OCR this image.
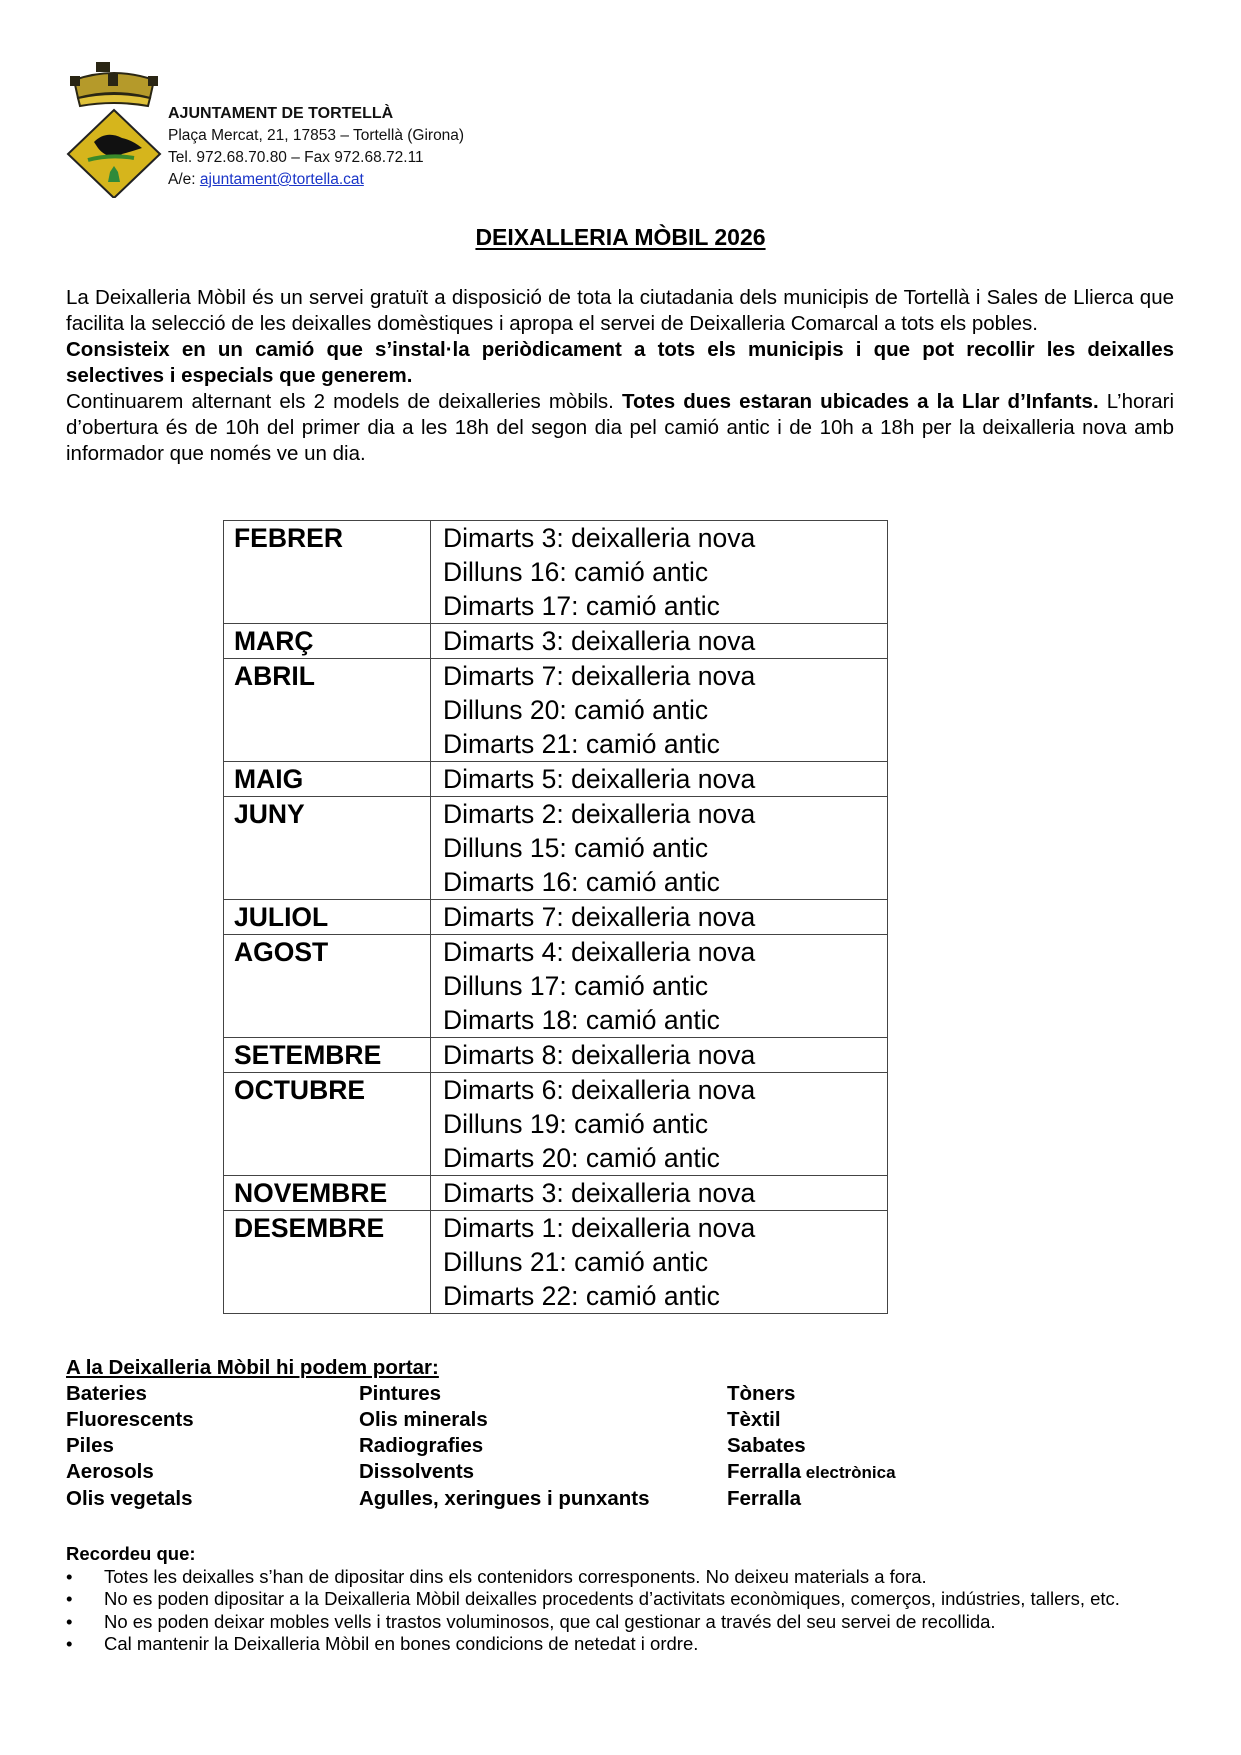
AJUNTAMENT DE TORTELLÀ
Plaça Mercat, 21, 17853 – Tortellà (Girona)
Tel. 972.68.70.80 – Fax 972.68.72.11
A/e: ajuntament@tortella.cat
DEIXALLERIA MÒBIL 2026

La Deixalleria Mòbil és un servei gratuït a disposició de tota la ciutadania dels municipis de Tortellà i Sales de Llierca que facilita la selecció de les deixalles domèstiques i apropa el servei de Deixalleria Comarcal a tots els pobles.

Consisteix en un camió que s’instal·la periòdicament a tots els municipis i que pot recollir les deixalles selectives i especials que generem.

Continuarem alternant els 2 models de deixalleries mòbils. Totes dues estaran ubicades a la Llar d’Infants. L’horari d’obertura és de 10h del primer dia a les 18h del segon dia pel camió antic i de 10h a 18h per la deixalleria nova amb informador que només ve un dia.

FEBRER	Dimarts 3: deixalleria nova
Dilluns 16: camió antic
Dimarts 17: camió antic

MARÇ	Dimarts 3: deixalleria nova

ABRIL	Dimarts 7: deixalleria nova
Dilluns 20: camió antic
Dimarts 21: camió antic

MAIG	Dimarts 5: deixalleria nova

JUNY	Dimarts 2: deixalleria nova
Dilluns 15: camió antic
Dimarts 16: camió antic

JULIOL	Dimarts 7: deixalleria nova

AGOST	Dimarts 4: deixalleria nova
Dilluns 17: camió antic
Dimarts 18: camió antic

SETEMBRE	Dimarts 8: deixalleria nova

OCTUBRE	Dimarts 6: deixalleria nova
Dilluns 19: camió antic
Dimarts 20: camió antic

NOVEMBRE	Dimarts 3: deixalleria nova

DESEMBRE	Dimarts 1: deixalleria nova
Dilluns 21: camió antic
Dimarts 22: camió antic
A la Deixalleria Mòbil hi podem portar:
Bateries	Pintures	Tòners
Fluorescents	Olis minerals	Tèxtil
Piles	Radiografies	Sabates
Aerosols	Dissolvents	Ferralla electrònica
Olis vegetals	Agulles, xeringues i punxants	Ferralla
Recordeu que:
• Totes les deixalles s’han de dipositar dins els contenidors corresponents. No deixeu materials a fora.
• No es poden dipositar a la Deixalleria Mòbil deixalles procedents d’activitats econòmiques, comerços, indústries, tallers, etc.
• No es poden deixar mobles vells i trastos voluminosos, que cal gestionar a través del seu servei de recollida.
• Cal mantenir la Deixalleria Mòbil en bones condicions de netedat i ordre.
